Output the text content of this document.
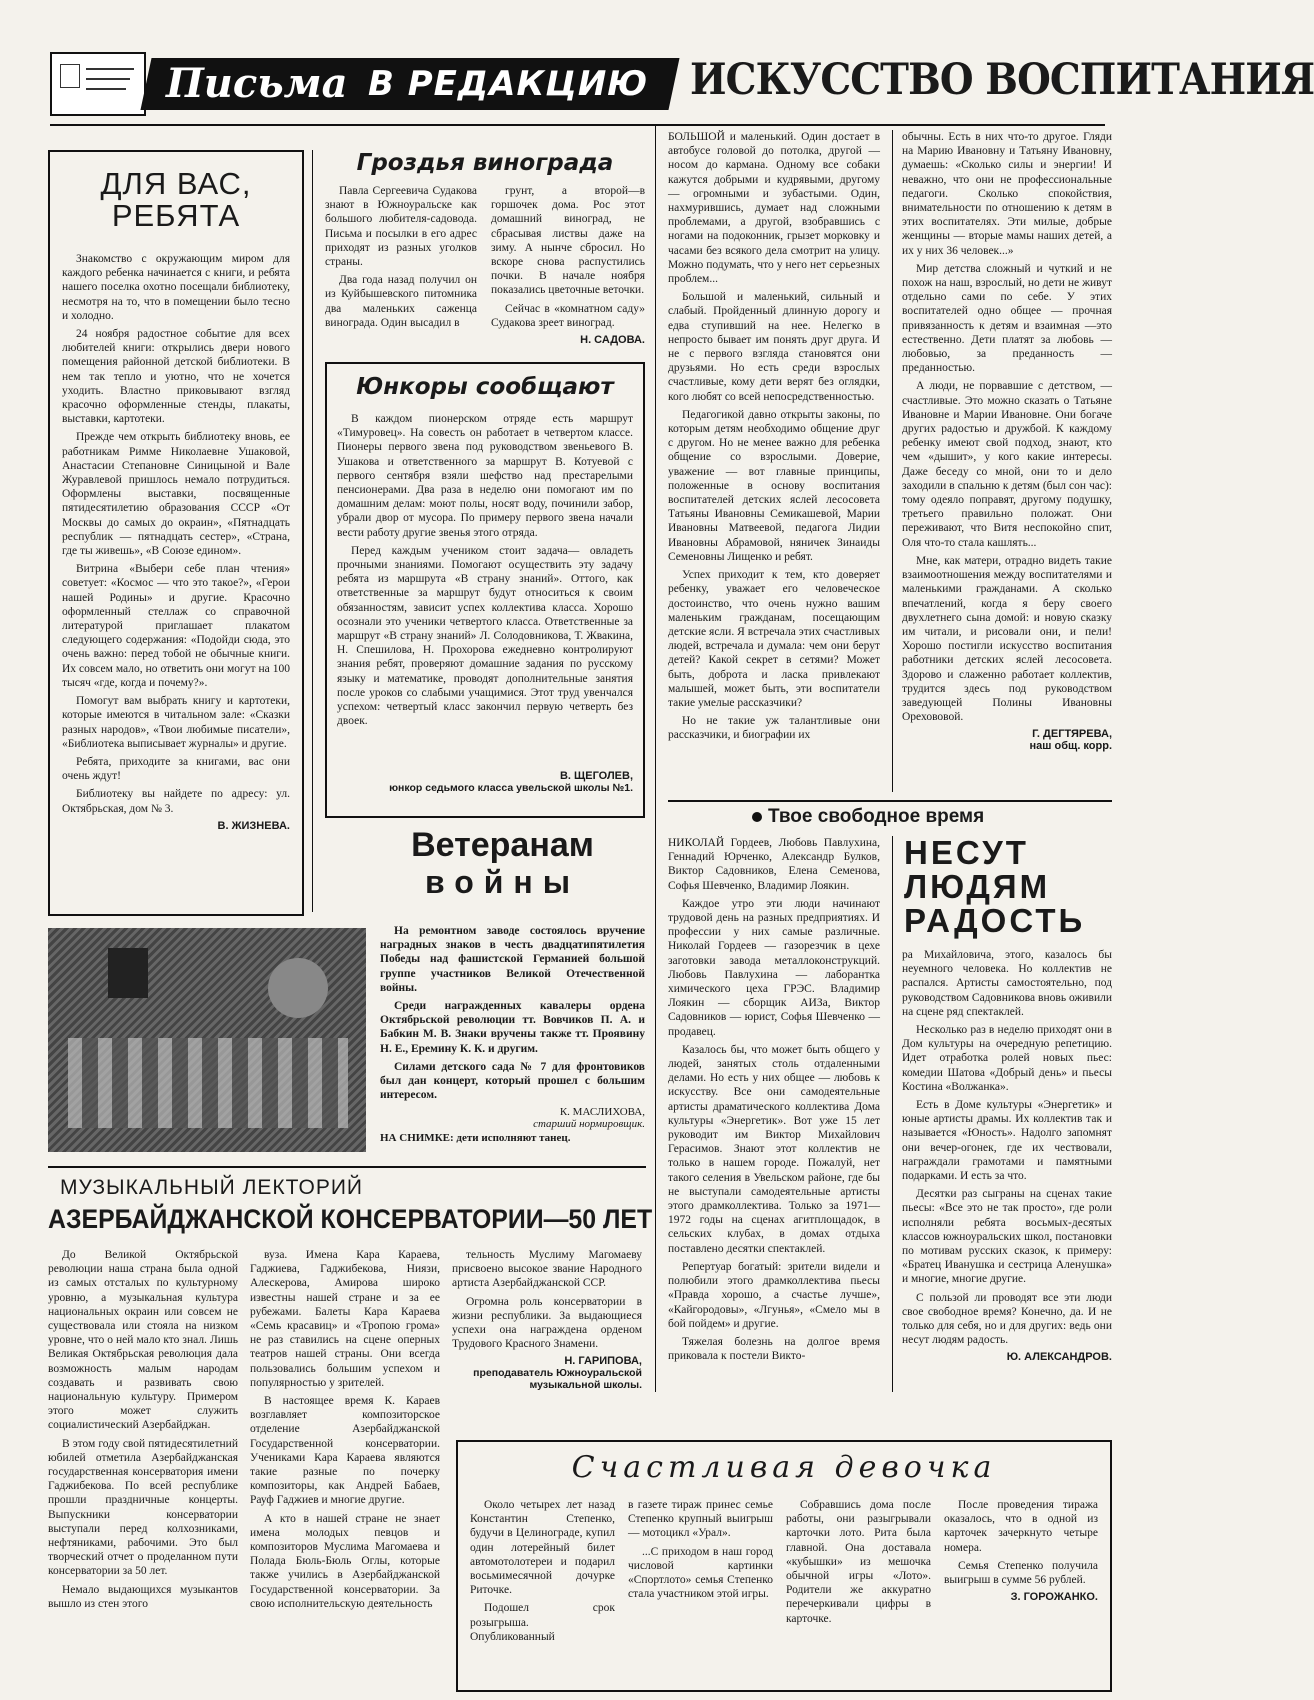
Письма В РЕДАКЦИЮ ИСКУССТВО ВОСПИТАНИЯ
ДЛЯ ВАС,
РЕБЯТА

Знакомство с окружающим миром для каждого ребенка начинается с книги, и ребята нашего поселка охотно посещали библиотеку, несмотря на то, что в помещении было тесно и холодно.

24 ноября радостное событие для всех любителей книги: открылись двери нового помещения районной детской библиотеки. В нем так тепло и уютно, что не хочется уходить. Властно приковывают взгляд красочно оформленные стенды, плакаты, выставки, картотеки.

Прежде чем открыть библиотеку вновь, ее работникам Римме Николаевне Ушаковой, Анастасии Степановне Синицыной и Вале Журавлевой пришлось немало потрудиться. Оформлены выставки, посвященные пятидесятилетию образования СССР «От Москвы до самых до окраин», «Пятнадцать республик — пятнадцать сестер», «Страна, где ты живешь», «В Союзе едином».

Витрина «Выбери себе план чтения» советует: «Космос — что это такое?», «Герои нашей Родины» и другие. Красочно оформленный стеллаж со справочной литературой приглашает плакатом следующего содержания: «Подойди сюда, это очень важно: перед тобой не обычные книги. Их совсем мало, но ответить они могут на 100 тысяч «где, когда и почему?».

Помогут вам выбрать книгу и картотеки, которые имеются в читальном зале: «Сказки разных народов», «Твои любимые писатели», «Библиотека выписывает журналы» и другие.

Ребята, приходите за книгами, вас они очень ждут!

Библиотеку вы найдете по адресу: ул. Октябрьская, дом № 3.

В. ЖИЗНЕВА.
Гроздья винограда

Павла Сергеевича Судакова знают в Южноуральске как большого любителя-садовода. Письма и посылки в его адрес приходят из разных уголков страны.

Два года назад получил он из Куйбышевского питомника два маленьких саженца винограда. Один высадил в

грунт, а второй—в горшочек дома. Рос этот домашний виноград, не сбрасывая листвы даже на зиму. А нынче сбросил. Но вскоре снова распустились почки. В начале ноября показались цветочные веточки.

Сейчас в «комнатном саду» Судакова зреет виноград.

Н. САДОВА.
Юнкоры сообщают

В каждом пионерском отряде есть маршрут «Тимуровец». На совесть он работает в четвертом классе. Пионеры первого звена под руководством звеньевого В. Ушакова и ответственного за маршрут В. Котуевой с первого сентября взяли шефство над престарелыми пенсионерами. Два раза в неделю они помогают им по домашним делам: моют полы, носят воду, починили забор, убрали двор от мусора. По примеру первого звена начали вести работу другие звенья этого отряда.

Перед каждым учеником стоит задача— овладеть прочными знаниями. Помогают осуществить эту задачу ребята из маршрута «В страну знаний». Оттого, как ответственные за маршрут будут относиться к своим обязанностям, зависит успех коллектива класса. Хорошо осознали это ученики четвертого класса. Ответственные за маршрут «В страну знаний» Л. Солодовникова, Т. Жвакина, Н. Спешилова, Н. Прохорова ежедневно контролируют знания ребят, проверяют домашние задания по русскому языку и математике, проводят дополнительные занятия после уроков со слабыми учащимися. Этот труд увенчался успехом: четвертый класс закончил первую четверть без двоек.

В. ЩЕГОЛЕВ,
юнкор седьмого класса увельской школы №1.
Ветеранам
войны

На ремонтном заводе состоялось вручение наградных знаков в честь двадцатипятилетия Победы над фашистской Германией большой группе участников Великой Отечественной войны.

Среди награжденных кавалеры ордена Октябрьской революции тт. Вовчиков П. А. и Бабкин М. В. Знаки вручены также тт. Проявину Н. Е., Еремину К. К. и другим.

Силами детского сада № 7 для фронтовиков был дан концерт, который прошел с большим интересом.

К. МАСЛИХОВА,
старший нормировщик.
НА СНИМКЕ: дети исполняют танец.
МУЗЫКАЛЬНЫЙ ЛЕКТОРИЙ
АЗЕРБАЙДЖАНСКОЙ КОНСЕРВАТОРИИ—50 ЛЕТ

До Великой Октябрьской революции наша страна была одной из самых отсталых по культурному уровню, а музыкальная культура национальных окраин или совсем не существовала или стояла на низком уровне, что о ней мало кто знал. Лишь Великая Октябрьская революция дала возможность малым народам создавать и развивать свою национальную культуру. Примером этого может служить социалистический Азербайджан.

В этом году свой пятидесятилетний юбилей отметила Азербайджанская государственная консерватория имени Гаджибекова. По всей республике прошли праздничные концерты. Выпускники консерватории выступали перед колхозниками, нефтяниками, рабочими. Это был творческий отчет о проделанном пути консерватории за 50 лет.

Немало выдающихся музыкантов вышло из стен этого

вуза. Имена Кара Караева, Гаджиева, Гаджибекова, Ниязи, Алескерова, Амирова широко известны нашей стране и за ее рубежами. Балеты Кара Караева «Семь красавиц» и «Тропою грома» не раз ставились на сцене оперных театров нашей страны. Они всегда пользовались большим успехом и популярностью у зрителей.

В настоящее время К. Караев возглавляет композиторское отделение Азербайджанской Государственной консерватории. Учениками Кара Караева являются такие разные по почерку композиторы, как Андрей Бабаев, Рауф Гаджиев и многие другие.

А кто в нашей стране не знает имена молодых певцов и композиторов Муслима Магомаева и Полада Бюль-Бюль Оглы, которые также учились в Азербайджанской Государственной консерватории. За свою исполнительскую деятельность

тельность Муслиму Магомаеву присвоено высокое звание Народного артиста Азербайджанской ССР.

Огромна роль консерватории в жизни республики. За выдающиеся успехи она награждена орденом Трудового Красного Знамени.

Н. ГАРИПОВА,
преподаватель Южноуральской музыкальной школы.

БОЛЬШОЙ и маленький. Один достает в автобусе головой до потолка, другой — носом до кармана. Одному все собаки кажутся добрыми и кудрявыми, другому — огромными и зубастыми. Один, нахмурившись, думает над сложными проблемами, а другой, взобравшись с ногами на подоконник, грызет морковку и часами без всякого дела смотрит на улицу. Можно подумать, что у него нет серьезных проблем...

Большой и маленький, сильный и слабый. Пройденный длинную дорогу и едва ступивший на нее. Нелегко в непросто бывает им понять друг друга. И не с первого взгляда становятся они друзьями. Но есть среди взрослых счастливые, кому дети верят без оглядки, кого любят со всей непосредственностью.

Педагогикой давно открыты законы, по которым детям необходимо общение друг с другом. Но не менее важно для ребенка общение со взрослыми. Доверие, уважение — вот главные принципы, положенные в основу воспитания воспитателей детских яслей лесосовета Татьяны Ивановны Семикашевой, Марии Ивановны Матвеевой, педагога Лидии Ивановны Абрамовой, няничек Зинаиды Семеновны Лищенко и ребят.

Успех приходит к тем, кто доверяет ребенку, уважает его человеческое достоинство, что очень нужно вашим маленьким гражданам, посещающим детские ясли. Я встречала этих счастливых людей, встречала и думала: чем они берут детей? Какой секрет в сетями? Может быть, доброта и ласка привлекают малышей, может быть, эти воспитатели такие умелые рассказчики?

Но не такие уж талантливые они рассказчики, и биографии их

обычны. Есть в них что-то другое. Гляди на Марию Ивановну и Татьяну Ивановну, думаешь: «Сколько силы и энергии! И неважно, что они не профессиональные педагоги. Сколько спокойствия, внимательности по отношению к детям в этих воспитателях. Эти милые, добрые женщины — вторые мамы наших детей, а их у них 36 человек...»

Мир детства сложный и чуткий и не похож на наш, взрослый, но дети не живут отдельно сами по себе. У этих воспитателей одно общее — прочная привязанность к детям и взаимная —это естественно. Дети платят за любовь — любовью, за преданность — преданностью.

А люди, не порвавшие с детством, — счастливые. Это можно сказать о Татьяне Ивановне и Марии Ивановне. Они богаче других радостью и дружбой. К каждому ребенку имеют свой подход, знают, кто чем «дышит», у кого какие интересы. Даже беседу со мной, они то и дело заходили в спальню к детям (был сон час): тому одеяло поправят, другому подушку, третьего правильно положат. Они переживают, что Витя неспокойно спит, Оля что-то стала кашлять...

Мне, как матери, отрадно видеть такие взаимоотношения между воспитателями и маленькими гражданами. А сколько впечатлений, когда я беру своего двухлетнего сына домой: и новую сказку им читали, и рисовали они, и пели! Хорошо постигли искусство воспитания работники детских яслей лесосовета. Здорово и слаженно работает коллектив, трудится здесь под руководством заведующей Полины Ивановны Орехововой.

Г. ДЕГТЯРЕВА,
наш общ. корр.
Твое свободное время

НИКОЛАЙ Гордеев, Любовь Павлухина, Геннадий Юрченко, Александр Булков, Виктор Садовников, Елена Семенова, Софья Шевченко, Владимир Лоякин.

Каждое утро эти люди начинают трудовой день на разных предприятиях. И профессии у них самые различные. Николай Гордеев — газорезчик в цехе заготовки завода металлоконструкций. Любовь Павлухина — лаборантка химического цеха ГРЭС. Владимир Лоякин — сборщик АИЗа, Виктор Садовников — юрист, Софья Шевченко — продавец.

Казалось бы, что может быть общего у людей, занятых столь отдаленными делами. Но есть у них общее — любовь к искусству. Все они самодеятельные артисты драматического коллектива Дома культуры «Энергетик». Вот уже 15 лет руководит им Виктор Михайлович Герасимов. Знают этот коллектив не только в нашем городе. Пожалуй, нет такого селения в Увельском районе, где бы не выступали самодеятельные артисты этого драмколлектива. Только за 1971—1972 годы на сценах агитплощадок, в сельских клубах, в домах отдыха поставлено десятки спектаклей.

Репертуар богатый: зрители видели и полюбили этого драмколлектива пьесы «Правда хорошо, а счастье лучше», «Кайгородовы», «Лгунья», «Смело мы в бой пойдем» и другие.

Тяжелая болезнь на долгое время приковала к постели Викто-

НЕСУТ
ЛЮДЯМ
РАДОСТЬ

ра Михайловича, этого, казалось бы неуемного человека. Но коллектив не распался. Артисты самостоятельно, под руководством Садовникова вновь оживили на сцене ряд спектаклей.

Несколько раз в неделю приходят они в Дом культуры на очередную репетицию. Идет отработка ролей новых пьес: комедии Шатова «Добрый день» и пьесы Костина «Волжанка».

Есть в Доме культуры «Энергетик» и юные артисты драмы. Их коллектив так и называется «Юность». Надолго запомнят они вечер-огонек, где их чествовали, награждали грамотами и памятными подарками. И есть за что.

Десятки раз сыграны на сценах такие пьесы: «Все это не так просто», где роли исполняли ребята восьмых-десятых классов южноуральских школ, постановки по мотивам русских сказок, к примеру: «Братец Иванушка и сестрица Аленушка» и многие, многие другие.

С пользой ли проводят все эти люди свое свободное время? Конечно, да. И не только для себя, но и для других: ведь они несут людям радость.

Ю. АЛЕКСАНДРОВ.
Счастливая девочка

Около четырех лет назад Константин Степенко, будучи в Целинограде, купил один лотерейный билет автомотолотереи и подарил восьмимесячной дочурке Риточке.

Подошел срок розыгрыша. Опубликованный

в газете тираж принес семье Степенко крупный выигрыш — мотоцикл «Урал».

...С приходом в наш город числовой картинки «Спортлото» семья Степенко стала участником этой игры.

Собравшись дома после работы, они разыгрывали карточки лото. Рита была главной. Она доставала «кубышки» из мешочка обычной игры «Лото». Родители же аккуратно перечеркивали цифры в карточке.

После проведения тиража оказалось, что в одной из карточек зачеркнуто четыре номера.

Семья Степенко получила выигрыш в сумме 56 рублей.

З. ГОРОЖАНКО.
